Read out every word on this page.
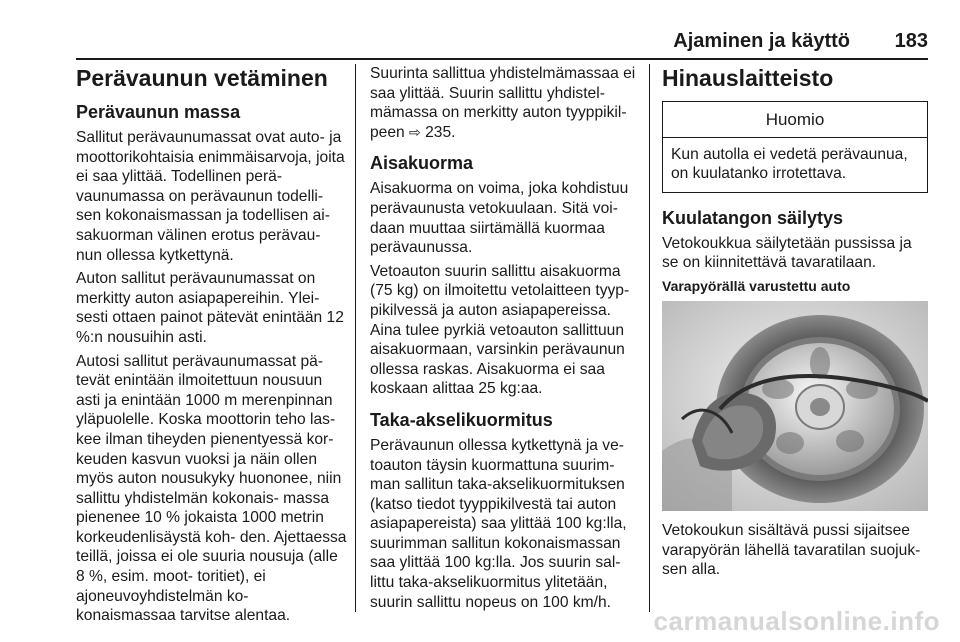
Ajaminen ja käyttö	183
Perävaunun vetäminen
Perävaunun massa

Sallitut perävaunumassat ovat auto- ja moottorikohtaisia enimmäisarvoja, joita ei saa ylittää. Todellinen perä- vaunumassa on perävaunun todelli- sen kokonaismassan ja todellisen ai- sakuorman välinen erotus perävau- nun ollessa kytkettynä.

Auton sallitut perävaunumassat on merkitty auton asiapapereihin. Ylei- sesti ottaen painot pätevät enintään 12 %:n nousuihin asti.

Autosi sallitut perävaunumassat pä- tevät enintään ilmoitettuun nousuun asti ja enintään 1000 m merenpinnan yläpuolelle. Koska moottorin teho las- kee ilman tiheyden pienentyessä kor- keuden kasvun vuoksi ja näin ollen myös auton nousukyky huononee, niin sallittu yhdistelmän kokonais- massa pienenee 10 % jokaista 1000 metrin korkeudenlisäystä koh- den. Ajettaessa teillä, joissa ei ole suuria nousuja (alle 8 %, esim. moot- toritiet), ei ajoneuvoyhdistelmän ko- konaismassaa tarvitse alentaa.

Suurinta sallittua yhdistelmämassaa ei saa ylittää. Suurin sallittu yhdistel- mämassa on merkitty auton tyyppikil- peen ⇨ 235.

Aisakuorma

Aisakuorma on voima, joka kohdistuu perävaunusta vetokuulaan. Sitä voi- daan muuttaa siirtämällä kuormaa perävaunussa.

Vetoauton suurin sallittu aisakuorma (75 kg) on ilmoitettu vetolaitteen tyyp- pikilvessä ja auton asiapapereissa. Aina tulee pyrkiä vetoauton sallittuun aisakuormaan, varsinkin perävaunun ollessa raskas. Aisakuorma ei saa koskaan alittaa 25 kg:aa.

Taka-akselikuormitus

Perävaunun ollessa kytkettynä ja ve- toauton täysin kuormattuna suurim- man sallitun taka-akselikuormituksen (katso tiedot tyyppikilvestä tai auton asiapapereista) saa ylittää 100 kg:lla, suurimman sallitun kokonaismassan saa ylittää 100 kg:lla. Jos suurin sal- littu taka-akselikuormitus ylitetään, suurin sallittu nopeus on 100 km/h.

Hinauslaitteisto
Huomio
Kun autolla ei vedetä perävaunua, on kuulatanko irrotettava.
Kuulatangon säilytys

Vetokoukkua säilytetään pussissa ja se on kiinnitettävä tavaratilaan.

Varapyörällä varustettu auto

Vetokoukun sisältävä pussi sijaitsee varapyörän lähellä tavaratilan suojuk- sen alla.

carmanualsonline.info
